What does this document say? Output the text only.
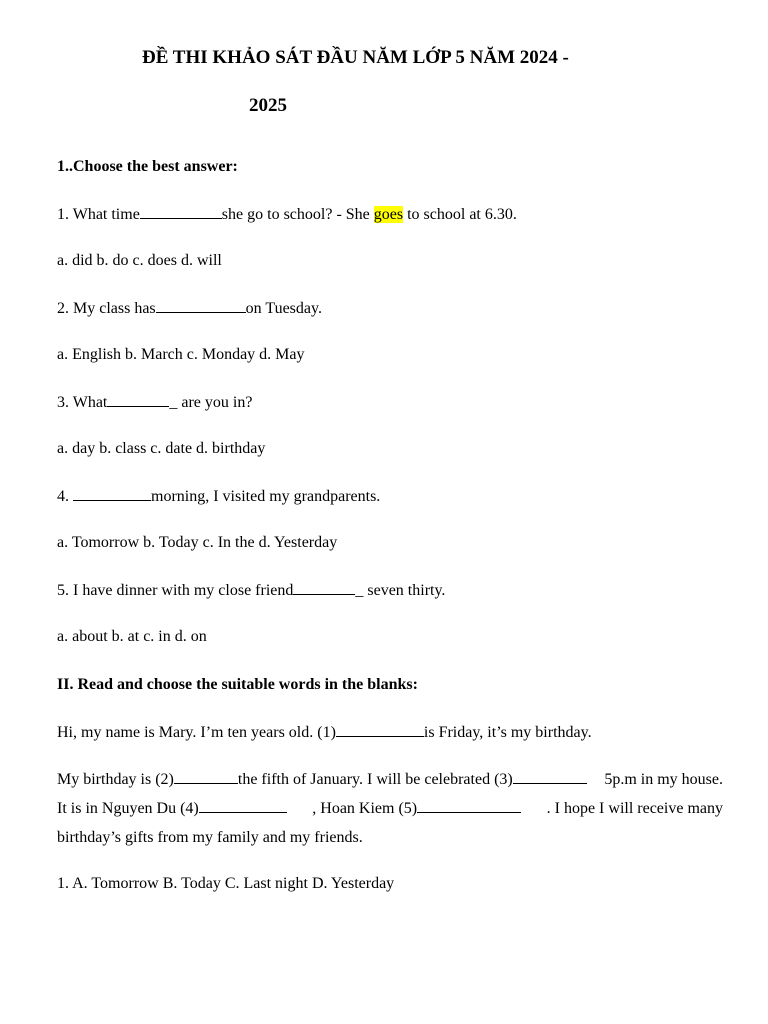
ĐỀ THI KHẢO SÁT ĐẦU NĂM LỚP 5 NĂM 2024 -
2025
1..Choose the best answer:
1. What time	she go to school? - She goes to school at 6.30.
a. did b. do c. does d. will
2. My class has	on Tuesday.
a. English b. March c. Monday d. May
3. What	_ are you in?
a. day b. class c. date d. birthday
4.	morning, I visited my grandparents.
a. Tomorrow b. Today c. In the d. Yesterday
5. I have dinner with my close friend	_ seven thirty.
a. about b. at c. in d. on
II. Read and choose the suitable words in the blanks:
Hi, my name is Mary. I’m ten years old. (1)	is Friday, it’s my birthday.
My birthday is (2)	the fifth of January. I will be celebrated (3)	5p.m in my house.
It is in Nguyen Du (4)	, Hoan Kiem (5)	. I hope I will receive many
birthday’s gifts from my family and my friends.
1. A. Tomorrow B. Today C. Last night D. Yesterday
